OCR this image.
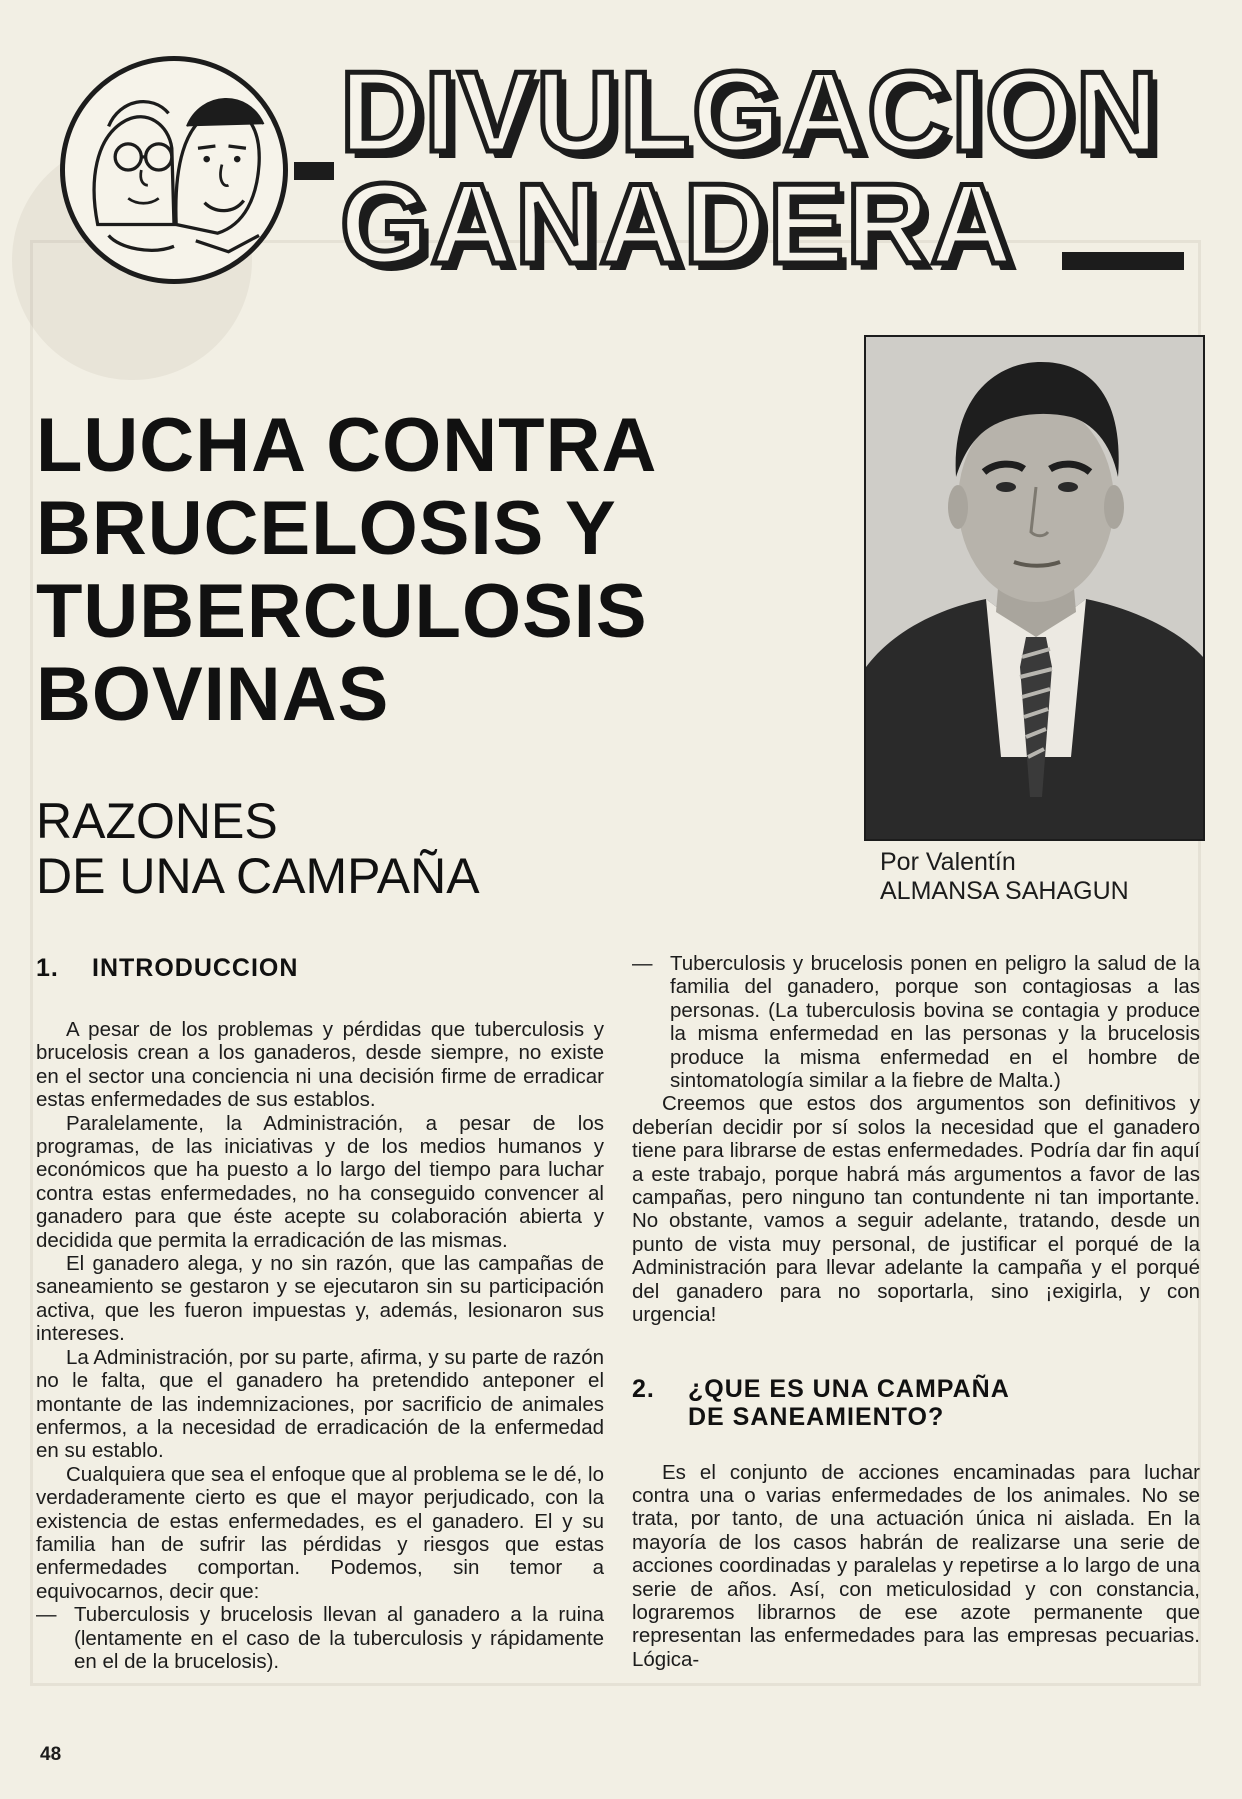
DIVULGACION
GANADERA
LUCHA CONTRA
BRUCELOSIS Y
TUBERCULOSIS
BOVINAS
RAZONES
DE UNA CAMPAÑA	Por Valentín
ALMANSA SAHAGUN
1.	INTRODUCCION

A pesar de los problemas y pérdidas que tuberculosis y brucelosis crean a los ganaderos, desde siempre, no existe en el sector una conciencia ni una decisión firme de erradicar estas enfermedades de sus establos.

Paralelamente, la Administración, a pesar de los programas, de las iniciativas y de los medios humanos y económicos que ha puesto a lo largo del tiempo para luchar contra estas enfermedades, no ha conseguido convencer al ganadero para que éste acepte su colaboración abierta y decidida que permita la erradicación de las mismas.

El ganadero alega, y no sin razón, que las campañas de saneamiento se gestaron y se ejecutaron sin su participación activa, que les fueron impuestas y, además, lesionaron sus intereses.

La Administración, por su parte, afirma, y su parte de razón no le falta, que el ganadero ha pretendido anteponer el montante de las indemnizaciones, por sacrificio de animales enfermos, a la necesidad de erradicación de la enfermedad en su establo.

Cualquiera que sea el enfoque que al problema se le dé, lo verdaderamente cierto es que el mayor perjudicado, con la existencia de estas enfermedades, es el ganadero. El y su familia han de sufrir las pérdidas y riesgos que estas enfermedades comportan. Podemos, sin temor a equivocarnos, decir que:

— Tuberculosis y brucelosis llevan al ganadero a la ruina (lentamente en el caso de la tuberculosis y rápidamente en el de la brucelosis).
— Tuberculosis y brucelosis ponen en peligro la salud de la familia del ganadero, porque son contagiosas a las personas. (La tuberculosis bovina se contagia y produce la misma enfermedad en las personas y la brucelosis produce la misma enfermedad en el hombre de sintomatología similar a la fiebre de Malta.)

Creemos que estos dos argumentos son definitivos y deberían decidir por sí solos la necesidad que el ganadero tiene para librarse de estas enfermedades. Podría dar fin aquí a este trabajo, porque habrá más argumentos a favor de las campañas, pero ninguno tan contundente ni tan importante. No obstante, vamos a seguir adelante, tratando, desde un punto de vista muy personal, de justificar el porqué de la Administración para llevar adelante la campaña y el porqué del ganadero para no soportarla, sino ¡exigirla, y con urgencia!

2.	¿QUE ES UNA CAMPAÑA
DE SANEAMIENTO?

Es el conjunto de acciones encaminadas para luchar contra una o varias enfermedades de los animales. No se trata, por tanto, de una actuación única ni aislada. En la mayoría de los casos habrán de realizarse una serie de acciones coordinadas y paralelas y repetirse a lo largo de una serie de años. Así, con meticulosidad y con constancia, lograremos librarnos de ese azote permanente que representan las enfermedades para las empresas pecuarias. Lógica-

48
